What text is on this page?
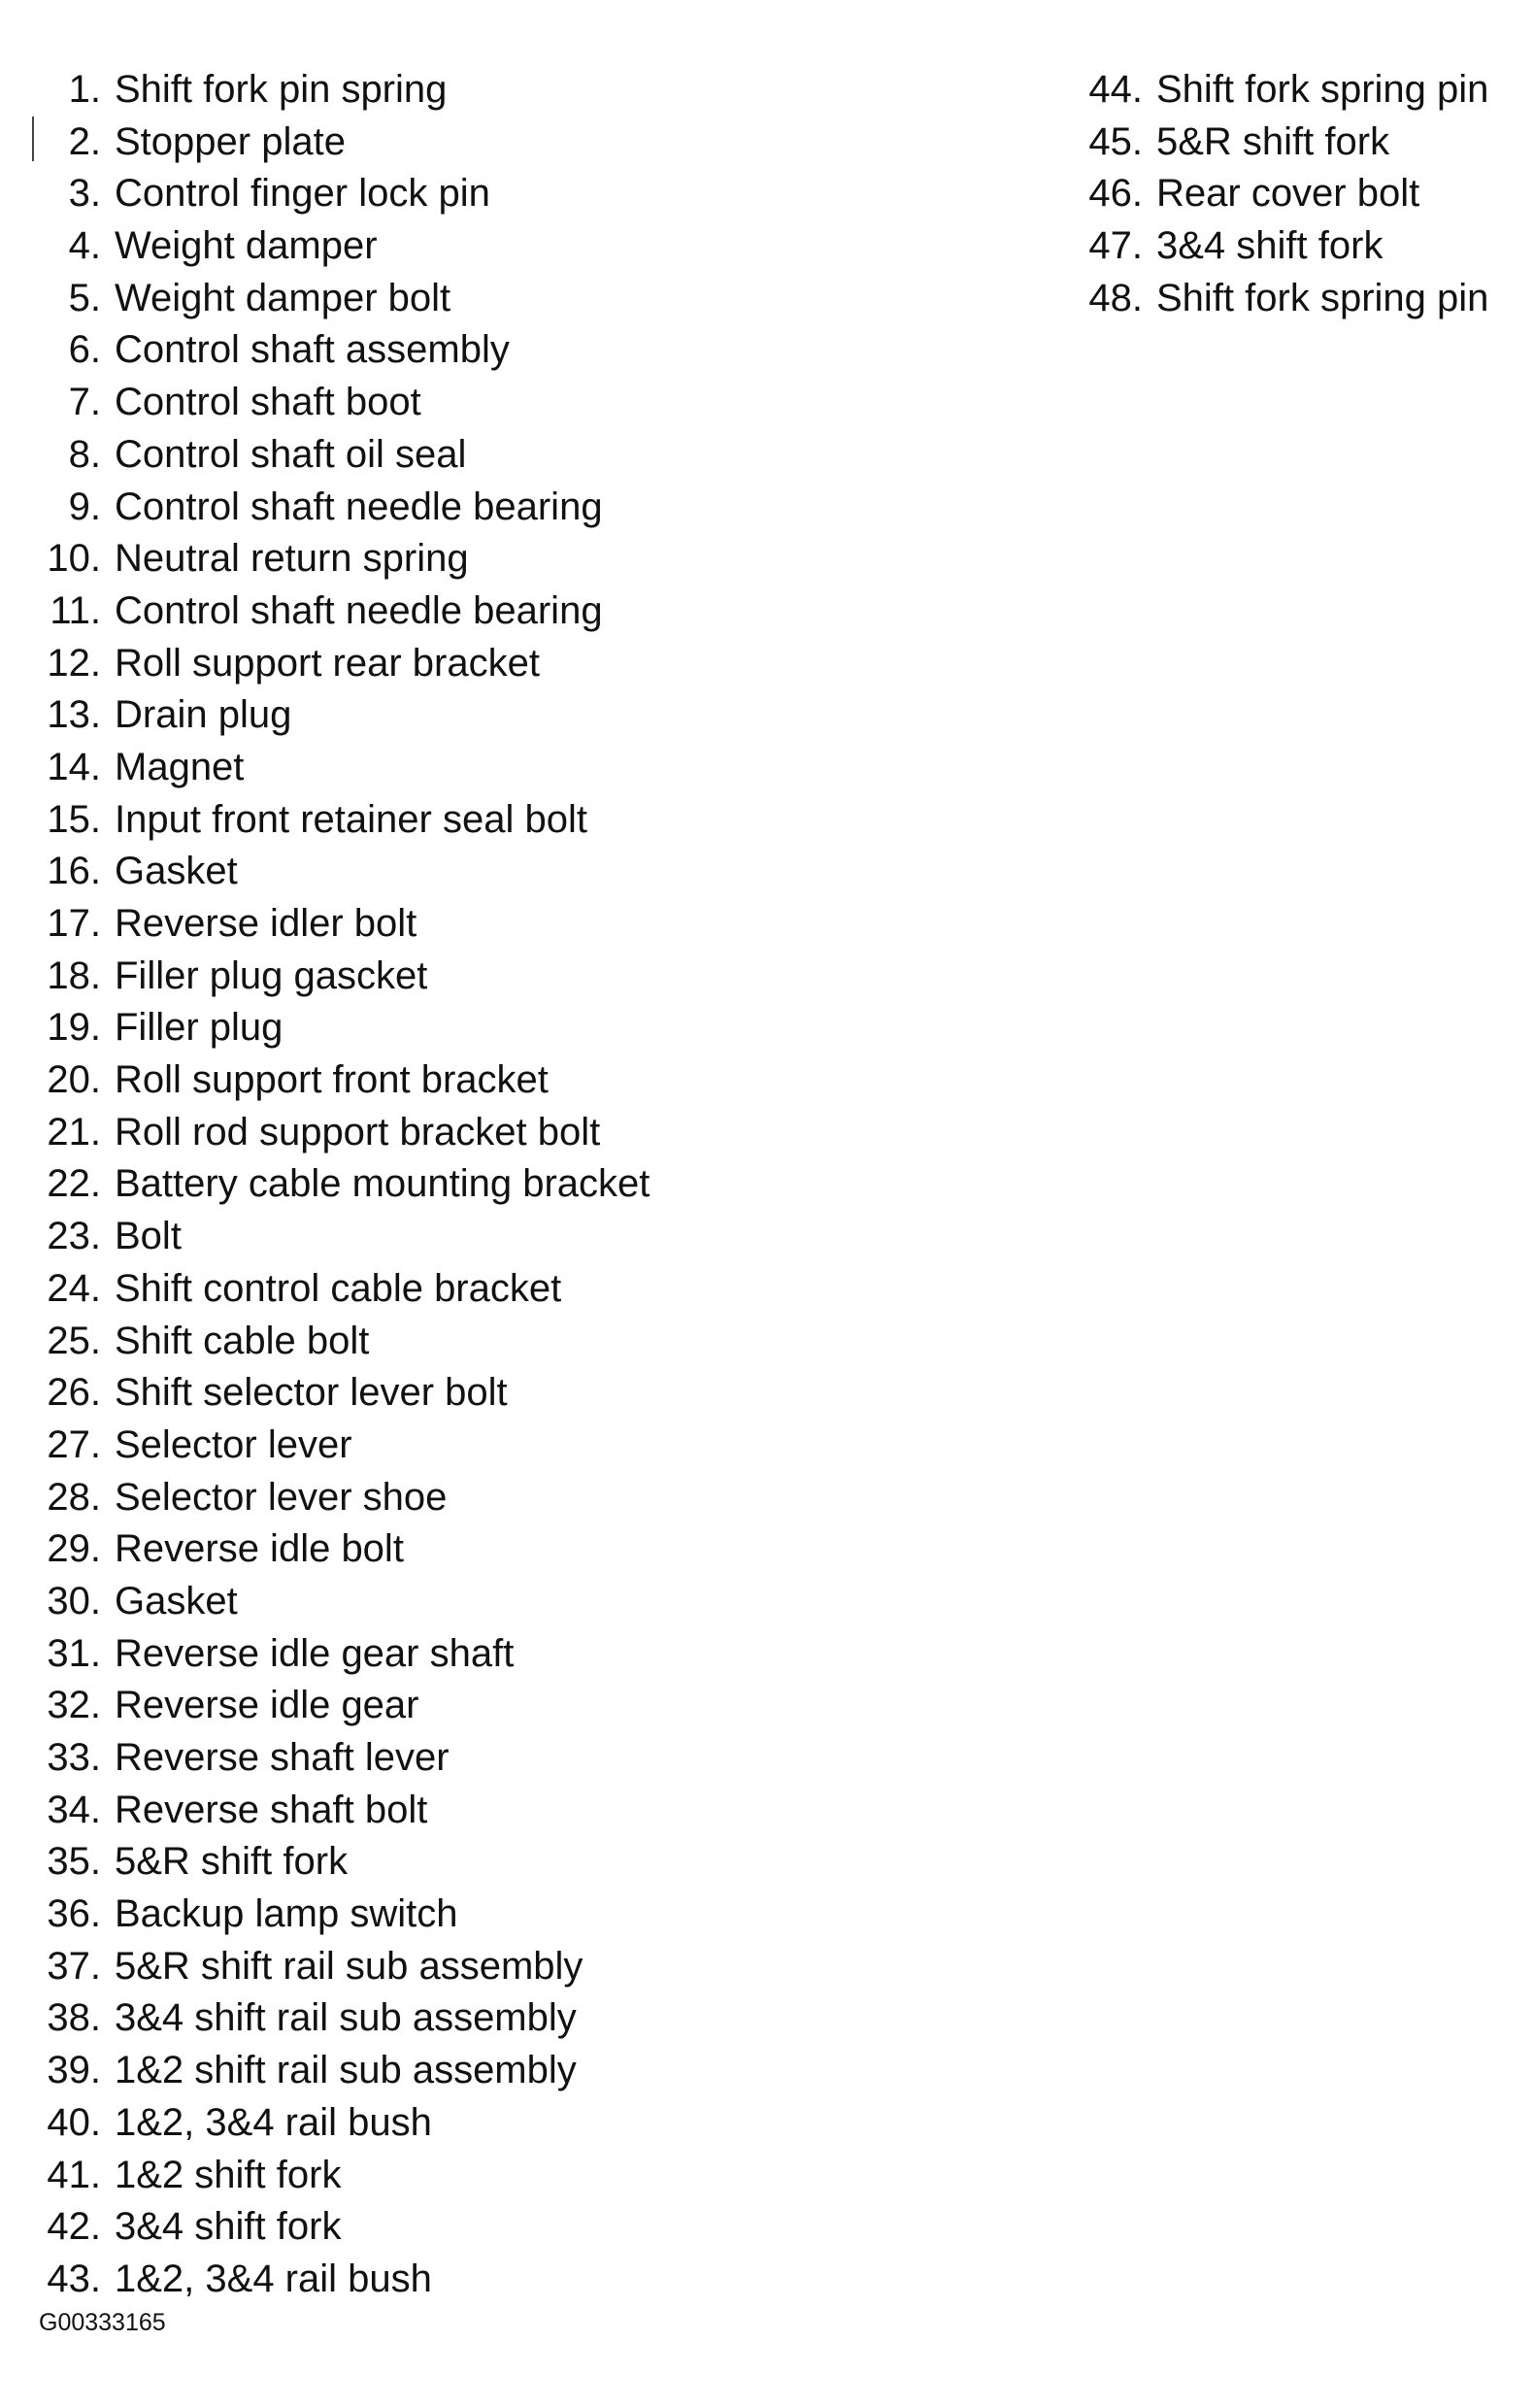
1. Shift fork pin spring
2. Stopper plate
3. Control finger lock pin
4. Weight damper
5. Weight damper bolt
6. Control shaft assembly
7. Control shaft boot
8. Control shaft oil seal
9. Control shaft needle bearing
10. Neutral return spring
11. Control shaft needle bearing
12. Roll support rear bracket
13. Drain plug
14. Magnet
15. Input front retainer seal bolt
16. Gasket
17. Reverse idler bolt
18. Filler plug gascket
19. Filler plug
20. Roll support front bracket
21. Roll rod support bracket bolt
22. Battery cable mounting bracket
23. Bolt
24. Shift control cable bracket
25. Shift cable bolt
26. Shift selector lever bolt
27. Selector lever
28. Selector lever shoe
29. Reverse idle bolt
30. Gasket
31. Reverse idle gear shaft
32. Reverse idle gear
33. Reverse shaft lever
34. Reverse shaft bolt
35. 5&R shift fork
36. Backup lamp switch
37. 5&R shift rail sub assembly
38. 3&4 shift rail sub assembly
39. 1&2 shift rail sub assembly
40. 1&2, 3&4 rail bush
41. 1&2 shift fork
42. 3&4 shift fork
43. 1&2, 3&4 rail bush
44. Shift fork spring pin
45. 5&R shift fork
46. Rear cover bolt
47. 3&4 shift fork
48. Shift fork spring pin
G00333165
